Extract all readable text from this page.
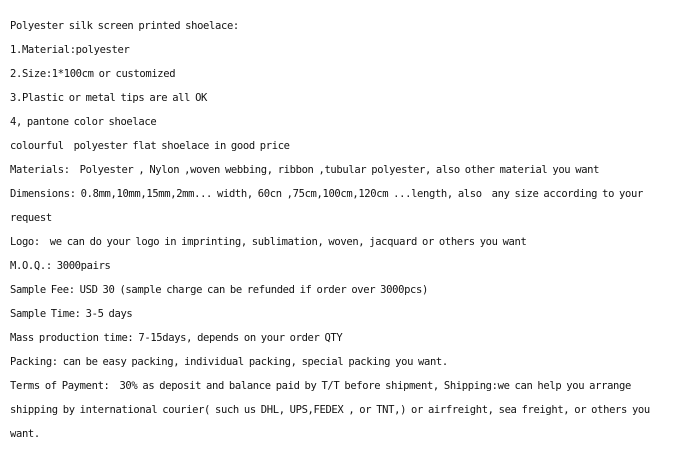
Polyester silk screen printed shoelace:

1.Material:polyester

2.Size:1*100cm or customized

3.Plastic or metal tips are all OK

4, pantone color shoelace

colourful  polyester flat shoelace in good price

Materials:  Polyester , Nylon ,woven webbing, ribbon ,tubular polyester, also other material you want

Dimensions: 0.8mm,10mm,15mm,2mm... width, 60cn ,75cm,100cm,120cm ...length, also  any size according to your

request

Logo:  we can do your logo in imprinting, sublimation, woven, jacquard or others you want

M.O.Q.: 3000pairs

Sample Fee: USD 30 (sample charge can be refunded if order over 3000pcs)

Sample Time: 3-5 days

Mass production time: 7-15days, depends on your order QTY

Packing: can be easy packing, individual packing, special packing you want.

Terms of Payment:  30% as deposit and balance paid by T/T before shipment, Shipping:we can help you arrange

shipping by international courier( such us DHL, UPS,FEDEX , or TNT,) or airfreight, sea freight, or others you

want.
